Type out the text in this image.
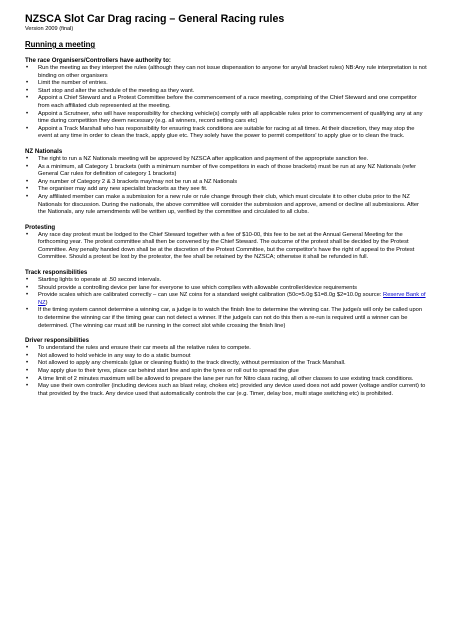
NZSCA Slot Car Drag racing – General Racing rules

Version 2009 (final)

Running a meeting
The race Organisers/Controllers have authority to:
• Run the meeting as they interpret the rules (although they can not issue dispensation to anyone for any/all bracket rules) NB:Any rule interpretation is not binding on other organisers
• Limit the number of entries.
• Start stop and alter the schedule of the meeting as they want.
• Appoint a Chief Steward and a Protest Committee before the commencement of a race meeting, comprising of the Chief Steward and one competitor from each affiliated club represented at the meeting.
• Appoint a Scrutneer, who will have responsibility for checking vehicle(s) comply with all applicable rules prior to commencement of qualifying any at any time during competition they deem necessary (e.g. all winners, record setting cars etc)
• Appoint a Track Marshall who has responsibility for ensuring track conditions are suitable for racing at all times. At their discretion, they may stop the event at any time in order to clean the track, apply glue etc. They solely have the power to permit competitors' to apply glue or to clean the track.
NZ Nationals
• The right to run a NZ Nationals meeting will be approved by NZSCA after application and payment of the appropriate sanction fee.
• As a minimum, all Category 1 brackets (with a minimum number of five competitors in each of those brackets) must be run at any NZ Nationals (refer General Car rules for definition of category 1 brackets)
• Any number of Category 2 & 3 brackets may/may not be run at a NZ Nationals
• The organiser may add any new specialist brackets as they see fit.
• Any affiliated member can make a submission for a new rule or rule change through their club, which must circulate it to other clubs prior to the NZ Nationals for discussion. During the nationals, the above committee will consider the submission and approve, amend or decline all submissions. After the Nationals, any rule amendments will be written up, verified by the committee and circulated to all clubs.
Protesting
• Any race day protest must be lodged to the Chief Steward together with a fee of $10-00, this fee to be set at the Annual General Meeting for the forthcoming year. The protest committee shall then be convened by the Chief Steward. The outcome of the protest shall be decided by the Protest Committee. Any penalty handed down shall be at the discretion of the Protest Committee, but the competitor's have the right of appeal to the Protest Committee. Should a protest be lost by the protestor, the fee shall be retained by the NZSCA; otherwise it shall be refunded in full.
Track responsibilities
• Starting lights to operate at .50 second intervals.
• Should provide a controlling device per lane for everyone to use which complies with allowable controller/device requirements
• Provide scales which are calibrated correctly – can use NZ coins for a standard weight calibration (50c=5.0g $1=8.0g $2=10.0g source: Reserve Bank of NZ)
• If the timing system cannot determine a winning car, a judge is to watch the finish line to determine the winning car. The judge/s will only be called upon to determine the winning car if the timing gear can not detect a winner. If the judge/s can not do this then a re-run is required until a winner can be determined. (The winning car must still be running in the correct slot while crossing the finish line)
Driver responsibilities
• To understand the rules and ensure their car meets all the relative rules to compete.
• Not allowed to hold vehicle in any way to do a static burnout
• Not allowed to apply any chemicals (glue or cleaning fluids) to the track directly, without permission of the Track Marshall.
• May apply glue to their tyres, place car behind start line and spin the tyres or roll out to spread the glue
• A time limit of 2 minutes maximum will be allowed to prepare the lane per run for Nitro class racing, all other classes to use existing track conditions.
• May use their own controller (including devices such as blast relay, chokes etc) provided any device used does not add power (voltage and/or current) to that provided by the track. Any device used that automatically controls the car (e.g. Timer, delay box, multi stage switching etc) is prohibited.
